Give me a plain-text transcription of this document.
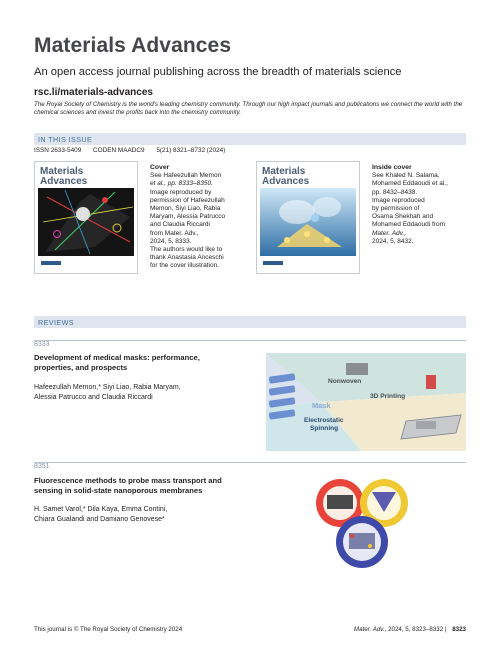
Materials Advances
An open access journal publishing across the breadth of materials science
rsc.li/materials-advances
The Royal Society of Chemistry is the world's leading chemistry community. Through our high impact journals and publications we connect the world with the chemical sciences and invest the profits back into the chemistry community.
IN THIS ISSUE
ISSN 2633-5409 CODEN MAADC9 5(21) 8321–8732 (2024)
Materials
Advances
Cover
See Hafeezullah Memon
et al., pp. 8333–8350.
Image reproduced by
permission of Hafeezullah
Memon, Siyi Liao, Rabia
Maryam, Alessia Patrucco
and Claudia Riccardi
from Mater. Adv.,
2024, 5, 8333.
The authors would like to
thank Anastasia Anceschi
for the cover illustration.
Materials
Advances
Inside cover
See Khaled N. Salama,
Mohamed Eddaoudi et al.,
pp. 8432–8438.
Image reproduced
by permission of
Osama Shekhah and
Mohamed Eddaoudi from
Mater. Adv.,
2024, 5, 8432.
REVIEWS
8333
Development of medical masks: performance,
properties, and prospects
Hafeezullah Memon,* Siyi Liao, Rabia Maryam,
Alessia Patrucco and Claudia Riccardi
Nonwoven
3D Printing
Mask
Electrostatic
Spinning
8351
Fluorescence methods to probe mass transport and
sensing in solid-state nanoporous membranes
H. Samet Varol,* Dila Kaya, Emma Contini,
Chiara Gualandi and Damiano Genovese*
This journal is © The Royal Society of Chemistry 2024	Mater. Adv., 2024, 5, 8323–8332 | 8323
